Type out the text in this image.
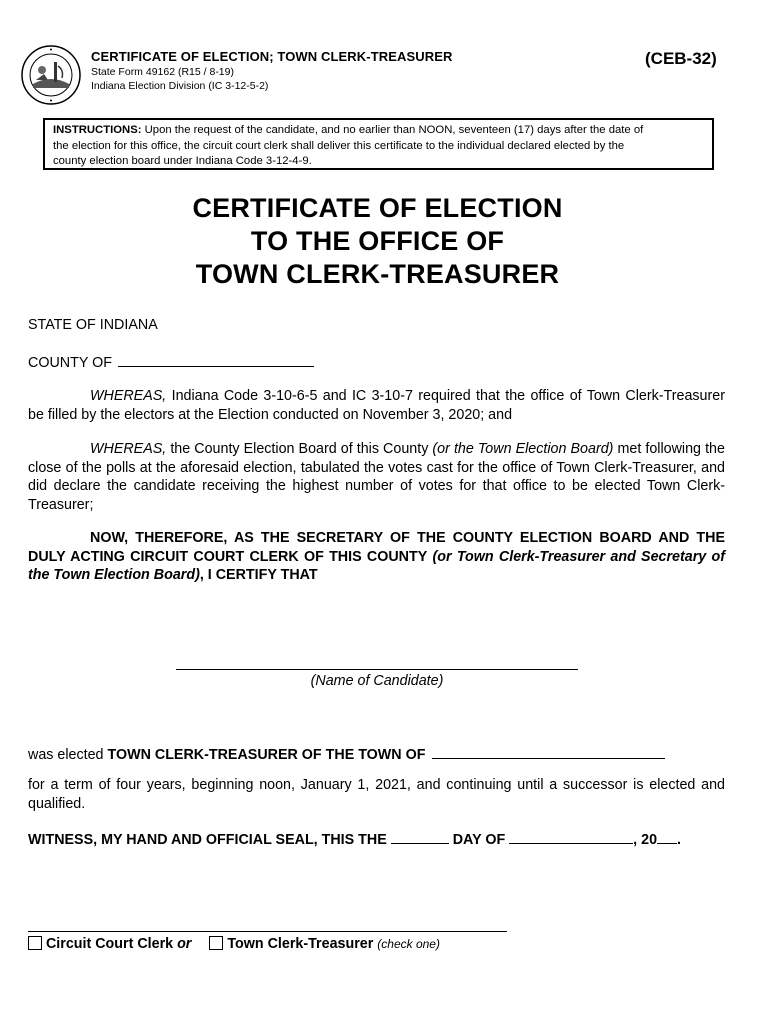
CERTIFICATE OF ELECTION; TOWN CLERK-TREASURER	(CEB-32)
State Form 49162 (R15 / 8-19)
Indiana Election Division (IC 3-12-5-2)
INSTRUCTIONS: Upon the request of the candidate, and no earlier than NOON, seventeen (17) days after the date of
the election for this office, the circuit court clerk shall deliver this certificate to the individual declared elected by the
county election board under Indiana Code 3-12-4-9.
CERTIFICATE OF ELECTION
TO THE OFFICE OF
TOWN CLERK-TREASURER
STATE OF INDIANA
COUNTY OF
WHEREAS, Indiana Code 3-10-6-5 and IC 3-10-7 required that the office of Town Clerk-Treasurer be filled by the electors at the Election conducted on November 3, 2020; and
WHEREAS, the County Election Board of this County (or the Town Election Board) met following the close of the polls at the aforesaid election, tabulated the votes cast for the office of Town Clerk-Treasurer, and did declare the candidate receiving the highest number of votes for that office to be elected Town Clerk-Treasurer;
NOW, THEREFORE, AS THE SECRETARY OF THE COUNTY ELECTION BOARD AND THE DULY ACTING CIRCUIT COURT CLERK OF THIS COUNTY (or Town Clerk-Treasurer and Secretary of the Town Election Board), I CERTIFY THAT
(Name of Candidate)
was elected TOWN CLERK-TREASURER OF THE TOWN OF
for a term of four years, beginning noon, January 1, 2021, and continuing until a successor is elected and qualified.
WITNESS, MY HAND AND OFFICIAL SEAL, THIS THE	DAY OF	, 20 .
Circuit Court Clerk or	Town Clerk-Treasurer (check one)
